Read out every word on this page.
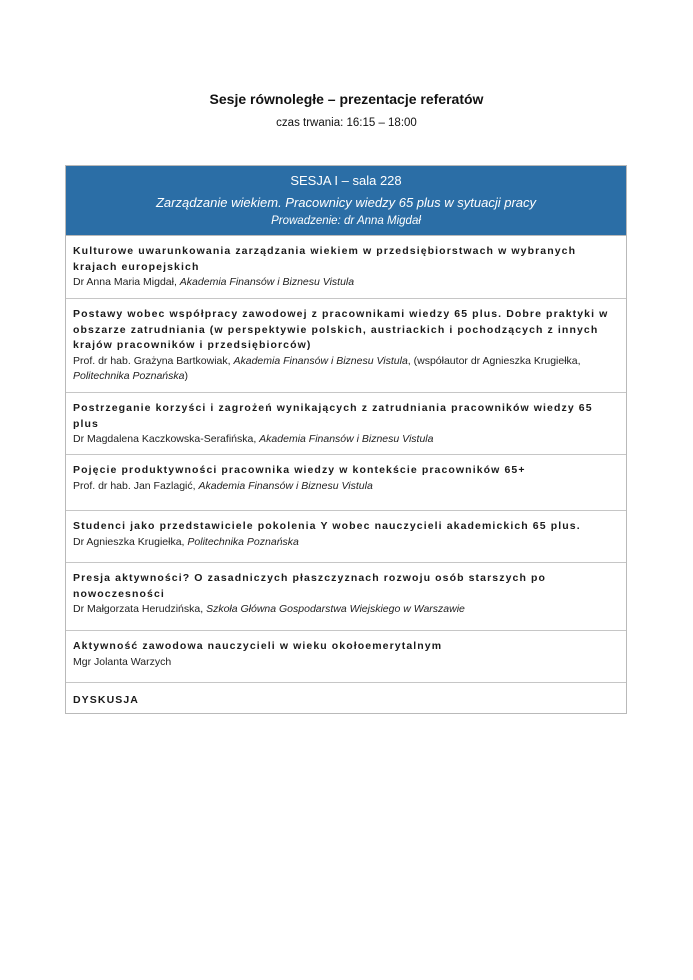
Sesje równoległe – prezentacje referatów
czas trwania: 16:15 – 18:00
SESJA I – sala 228
Zarządzanie wiekiem. Pracownicy wiedzy 65 plus w sytuacji pracy
Prowadzenie: dr Anna Migdał
Kulturowe uwarunkowania zarządzania wiekiem w przedsiębiorstwach w wybranych krajach europejskich
Dr Anna Maria Migdał, Akademia Finansów i Biznesu Vistula
Postawy wobec współpracy zawodowej z pracownikami wiedzy 65 plus. Dobre praktyki w obszarze zatrudniania (w perspektywie polskich, austriackich i pochodzących z innych krajów pracowników i przedsiębiorców)
Prof. dr hab. Grażyna Bartkowiak, Akademia Finansów i Biznesu Vistula, (współautor dr Agnieszka Krugiełka, Politechnika Poznańska)
Postrzeganie korzyści i zagrożeń wynikających z zatrudniania pracowników wiedzy 65 plus
Dr Magdalena Kaczkowska-Serafińska, Akademia Finansów i Biznesu Vistula
Pojęcie produktywności pracownika wiedzy w kontekście pracowników 65+
Prof. dr hab. Jan Fazlagić, Akademia Finansów i Biznesu Vistula
Studenci jako przedstawiciele pokolenia Y wobec nauczycieli akademickich 65 plus.
Dr Agnieszka Krugiełka, Politechnika Poznańska
Presja aktywności? O zasadniczych płaszczyznach rozwoju osób starszych po nowoczesności
Dr Małgorzata Herudzińska, Szkoła Główna Gospodarstwa Wiejskiego w Warszawie
Aktywność zawodowa nauczycieli w wieku okołoemerytalnym
Mgr Jolanta Warzych
DYSKUSJA
